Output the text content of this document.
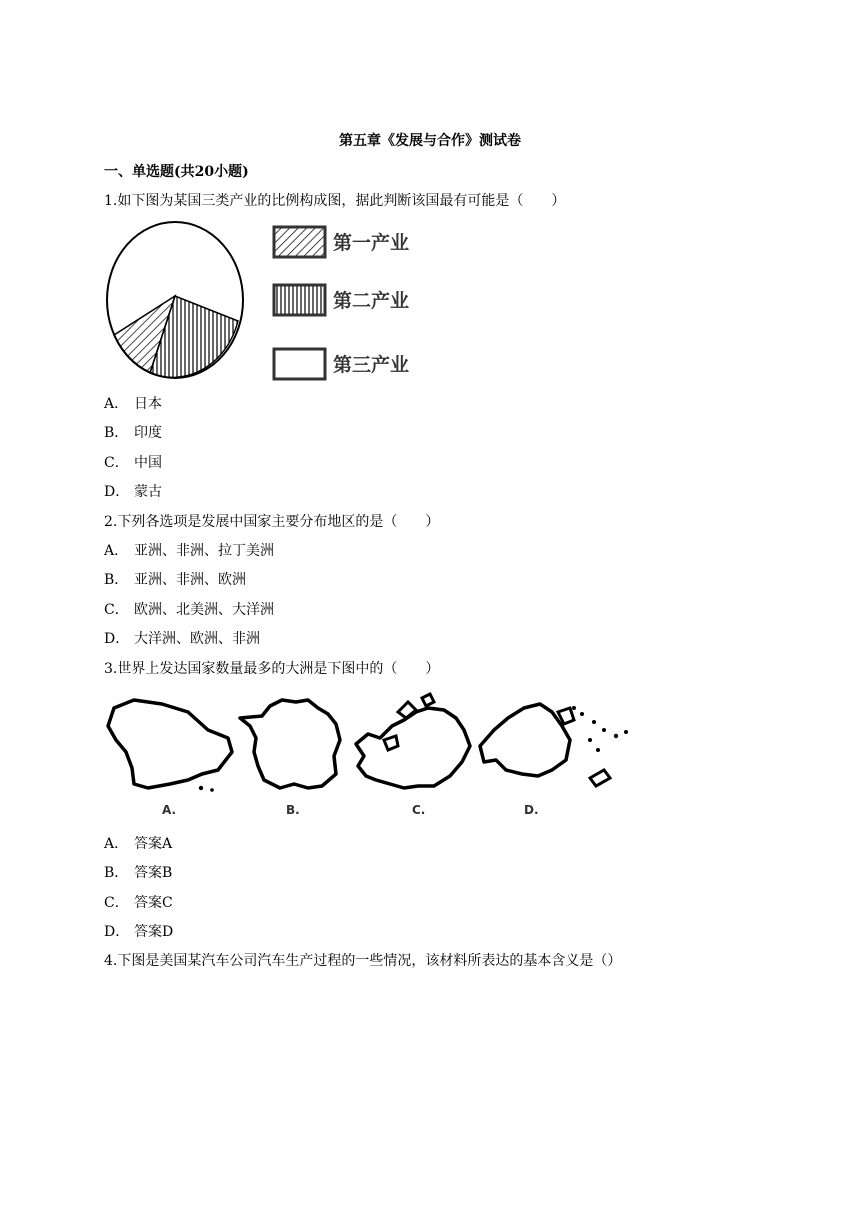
第五章《发展与合作》测试卷
一、单选题(共20小题)
1.如下图为某国三类产业的比例构成图，据此判断该国最有可能是（　　）
第一产业
第二产业
第三产业
A． 日本
B． 印度
C． 中国
D． 蒙古
2.下列各选项是发展中国家主要分布地区的是（　　）
A． 亚洲、非洲、拉丁美洲
B． 亚洲、非洲、欧洲
C． 欧洲、北美洲、大洋洲
D． 大洋洲、欧洲、非洲
3.世界上发达国家数量最多的大洲是下图中的（　　）
A.	B.	C.	D.
A． 答案A
B． 答案B
C． 答案C
D． 答案D
4.下图是美国某汽车公司汽车生产过程的一些情况，该材料所表达的基本含义是（）
